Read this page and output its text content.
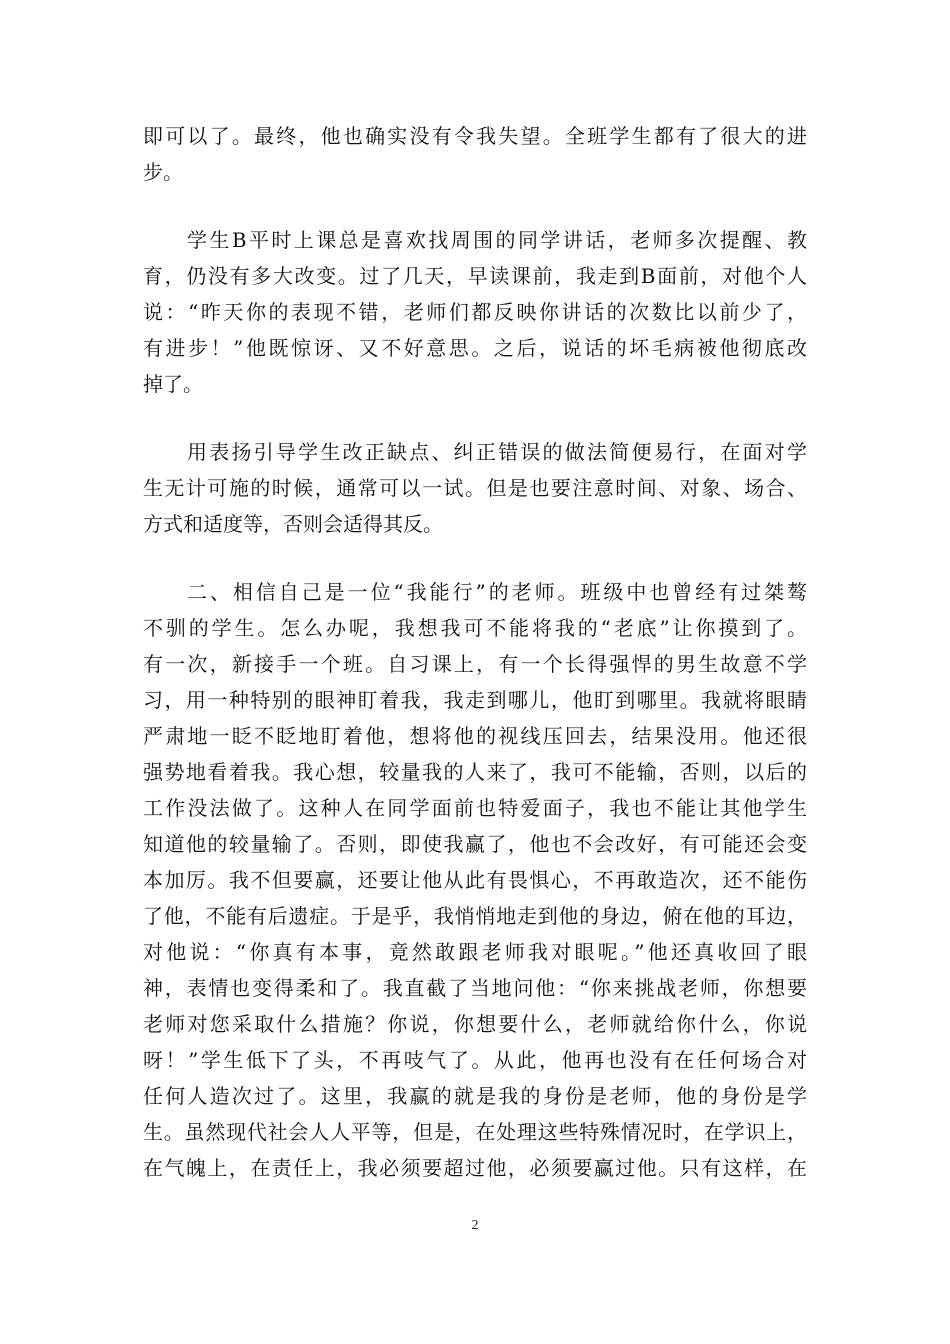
即可以了。最终，他也确实没有令我失望。全班学生都有了很大的进
步。

学生B平时上课总是喜欢找周围的同学讲话，老师多次提醒、教
育，仍没有多大改变。过了几天，早读课前，我走到B面前，对他个人
说：“昨天你的表现不错，老师们都反映你讲话的次数比以前少了，
有进步！”他既惊讶、又不好意思。之后，说话的坏毛病被他彻底改
掉了。

用表扬引导学生改正缺点、纠正错误的做法简便易行，在面对学
生无计可施的时候，通常可以一试。但是也要注意时间、对象、场合、
方式和适度等，否则会适得其反。

二、相信自己是一位“我能行”的老师。班级中也曾经有过桀骜
不驯的学生。怎么办呢，我想我可不能将我的“老底”让你摸到了。
有一次，新接手一个班。自习课上，有一个长得强悍的男生故意不学
习，用一种特别的眼神盯着我，我走到哪儿，他盯到哪里。我就将眼睛
严肃地一眨不眨地盯着他，想将他的视线压回去，结果没用。他还很
强势地看着我。我心想，较量我的人来了，我可不能输，否则，以后的
工作没法做了。这种人在同学面前也特爱面子，我也不能让其他学生
知道他的较量输了。否则，即使我赢了，他也不会改好，有可能还会变
本加厉。我不但要赢，还要让他从此有畏惧心，不再敢造次，还不能伤
了他，不能有后遗症。于是乎，我悄悄地走到他的身边，俯在他的耳边，
对他说：“你真有本事，竟然敢跟老师我对眼呢。”他还真收回了眼
神，表情也变得柔和了。我直截了当地问他：“你来挑战老师，你想要
老师对您采取什么措施？你说，你想要什么，老师就给你什么，你说
呀！”学生低下了头，不再吱气了。从此，他再也没有在任何场合对
任何人造次过了。这里，我赢的就是我的身份是老师，他的身份是学
生。虽然现代社会人人平等，但是，在处理这些特殊情况时，在学识上，
在气魄上，在责任上，我必须要超过他，必须要赢过他。只有这样，在

2
